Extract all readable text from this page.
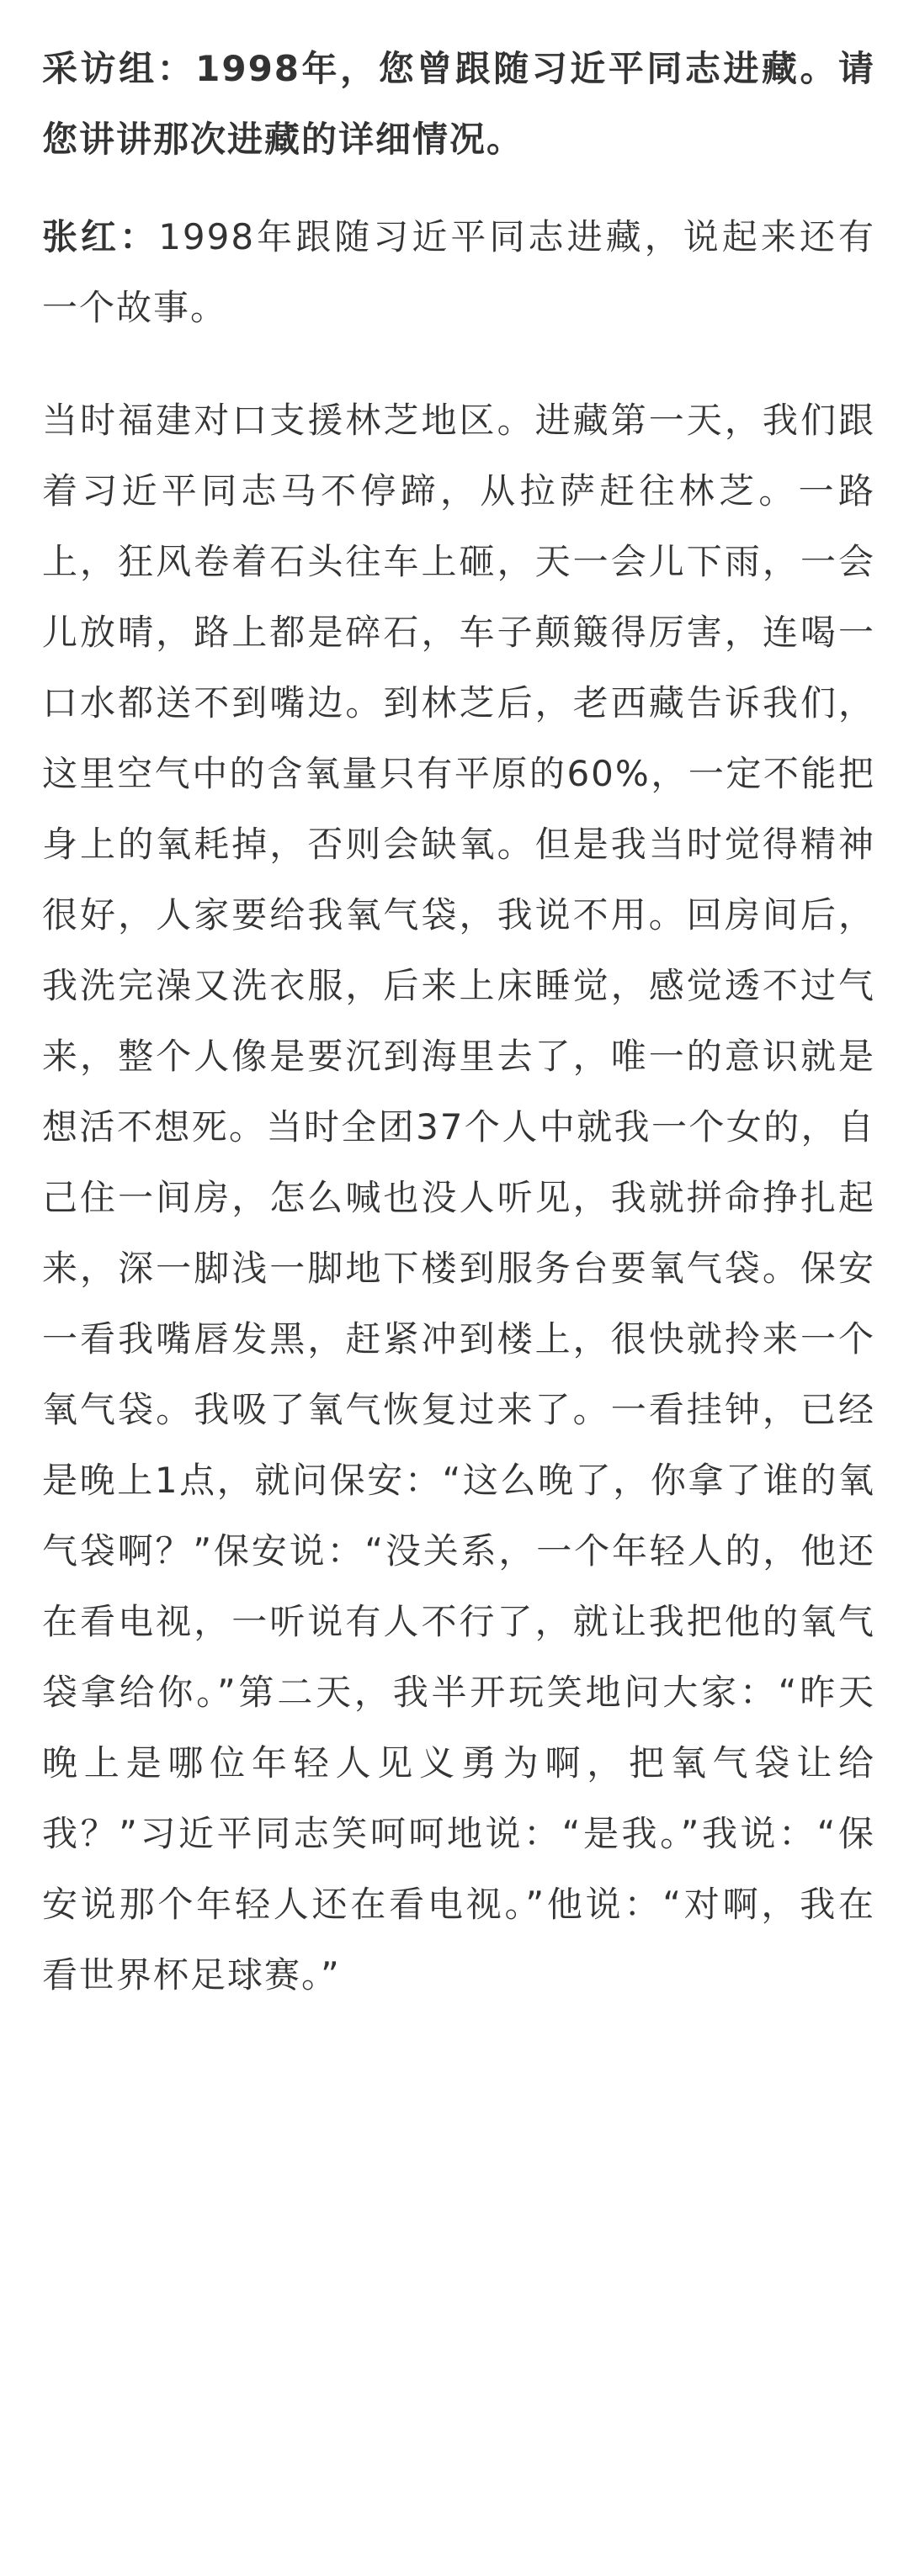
采访组：1998年，您曾跟随习近平同志进藏。请您讲讲那次进藏的详细情况。

张红：1998年跟随习近平同志进藏，说起来还有一个故事。

当时福建对口支援林芝地区。进藏第一天，我们跟着习近平同志马不停蹄，从拉萨赶往林芝。一路上，狂风卷着石头往车上砸，天一会儿下雨，一会儿放晴，路上都是碎石，车子颠簸得厉害，连喝一口水都送不到嘴边。到林芝后，老西藏告诉我们，这里空气中的含氧量只有平原的60%，一定不能把身上的氧耗掉，否则会缺氧。但是我当时觉得精神很好，人家要给我氧气袋，我说不用。回房间后，我洗完澡又洗衣服，后来上床睡觉，感觉透不过气来，整个人像是要沉到海里去了，唯一的意识就是想活不想死。当时全团37个人中就我一个女的，自己住一间房，怎么喊也没人听见，我就拼命挣扎起来，深一脚浅一脚地下楼到服务台要氧气袋。保安一看我嘴唇发黑，赶紧冲到楼上，很快就拎来一个氧气袋。我吸了氧气恢复过来了。一看挂钟，已经是晚上1点，就问保安：“这么晚了，你拿了谁的氧气袋啊？”保安说：“没关系，一个年轻人的，他还在看电视，一听说有人不行了，就让我把他的氧气袋拿给你。”第二天，我半开玩笑地问大家：“昨天晚上是哪位年轻人见义勇为啊，把氧气袋让给我？”习近平同志笑呵呵地说：“是我。”我说：“保安说那个年轻人还在看电视。”他说：“对啊，我在看世界杯足球赛。”
